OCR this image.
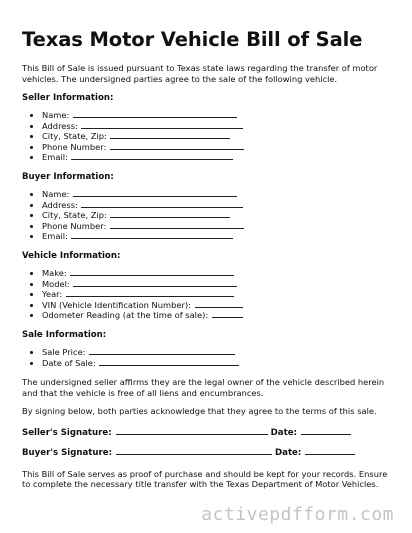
Texas Motor Vehicle Bill of Sale

This Bill of Sale is issued pursuant to Texas state laws regarding the transfer of motor vehicles. The undersigned parties agree to the sale of the following vehicle.

Seller Information:
• Name:
• Address:
• City, State, Zip:
• Phone Number:
• Email:
Buyer Information:
• Name:
• Address:
• City, State, Zip:
• Phone Number:
• Email:
Vehicle Information:
• Make:
• Model:
• Year:
• VIN (Vehicle Identification Number):
• Odometer Reading (at the time of sale):
Sale Information:
• Sale Price:
• Date of Sale:

The undersigned seller affirms they are the legal owner of the vehicle described herein and that the vehicle is free of all liens and encumbrances.

By signing below, both parties acknowledge that they agree to the terms of this sale.

Seller's Signature:	Date:
Buyer's Signature:	Date:

This Bill of Sale serves as proof of purchase and should be kept for your records. Ensure to complete the necessary title transfer with the Texas Department of Motor Vehicles.

activepdfform.com
